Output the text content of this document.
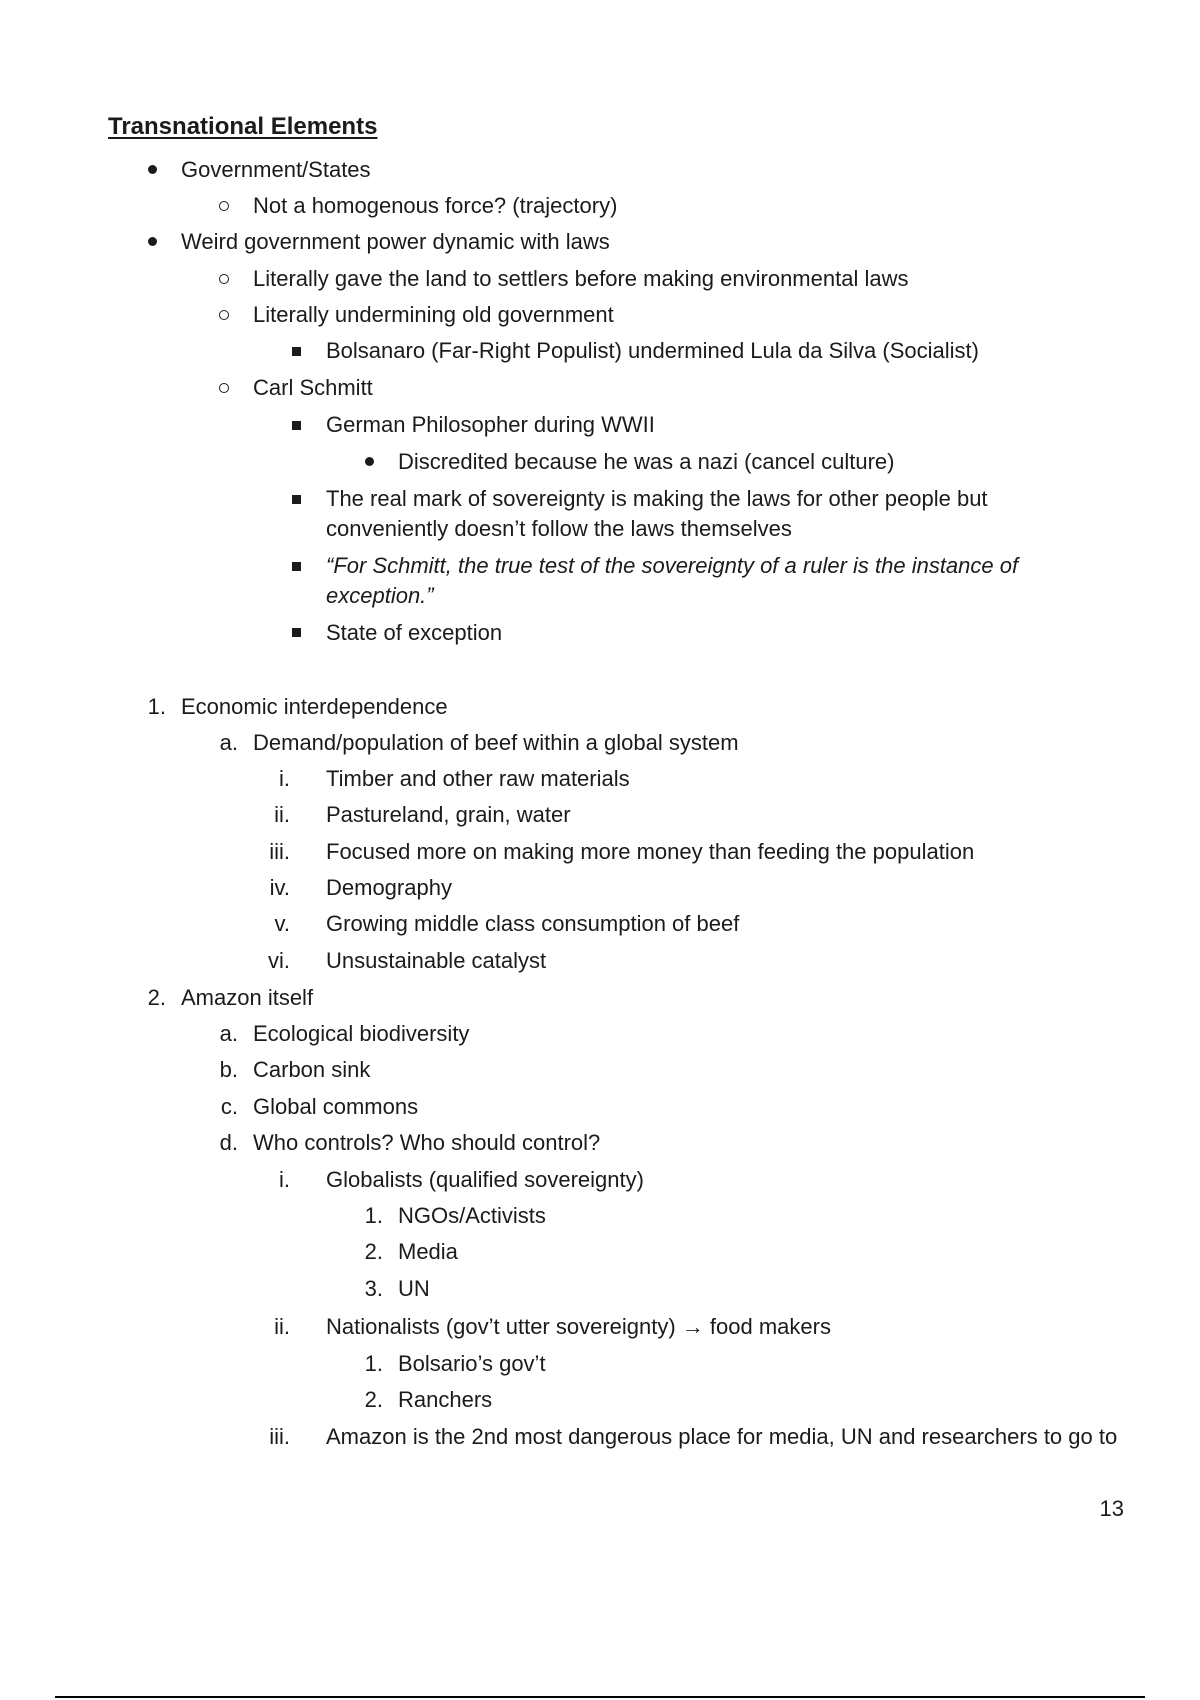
Transnational Elements
Government/States
Not a homogenous force? (trajectory)
Weird government power dynamic with laws
Literally gave the land to settlers before making environmental laws
Literally undermining old government
Bolsanaro (Far-Right Populist) undermined Lula da Silva (Socialist)
Carl Schmitt
German Philosopher during WWII
Discredited because he was a nazi (cancel culture)
The real mark of sovereignty is making the laws for other people but conveniently doesn’t follow the laws themselves
“For Schmitt, the true test of the sovereignty of a ruler is the instance of exception.”
State of exception
1. Economic interdependence
a. Demand/population of beef within a global system
i. Timber and other raw materials
ii. Pastureland, grain, water
iii. Focused more on making more money than feeding the population
iv. Demography
v. Growing middle class consumption of beef
vi. Unsustainable catalyst
2. Amazon itself
a. Ecological biodiversity
b. Carbon sink
c. Global commons
d. Who controls? Who should control?
i. Globalists (qualified sovereignty)
1. NGOs/Activists
2. Media
3. UN
ii. Nationalists (gov’t utter sovereignty) → food makers
1. Bolsario’s gov’t
2. Ranchers
iii. Amazon is the 2nd most dangerous place for media, UN and researchers to go to
13
